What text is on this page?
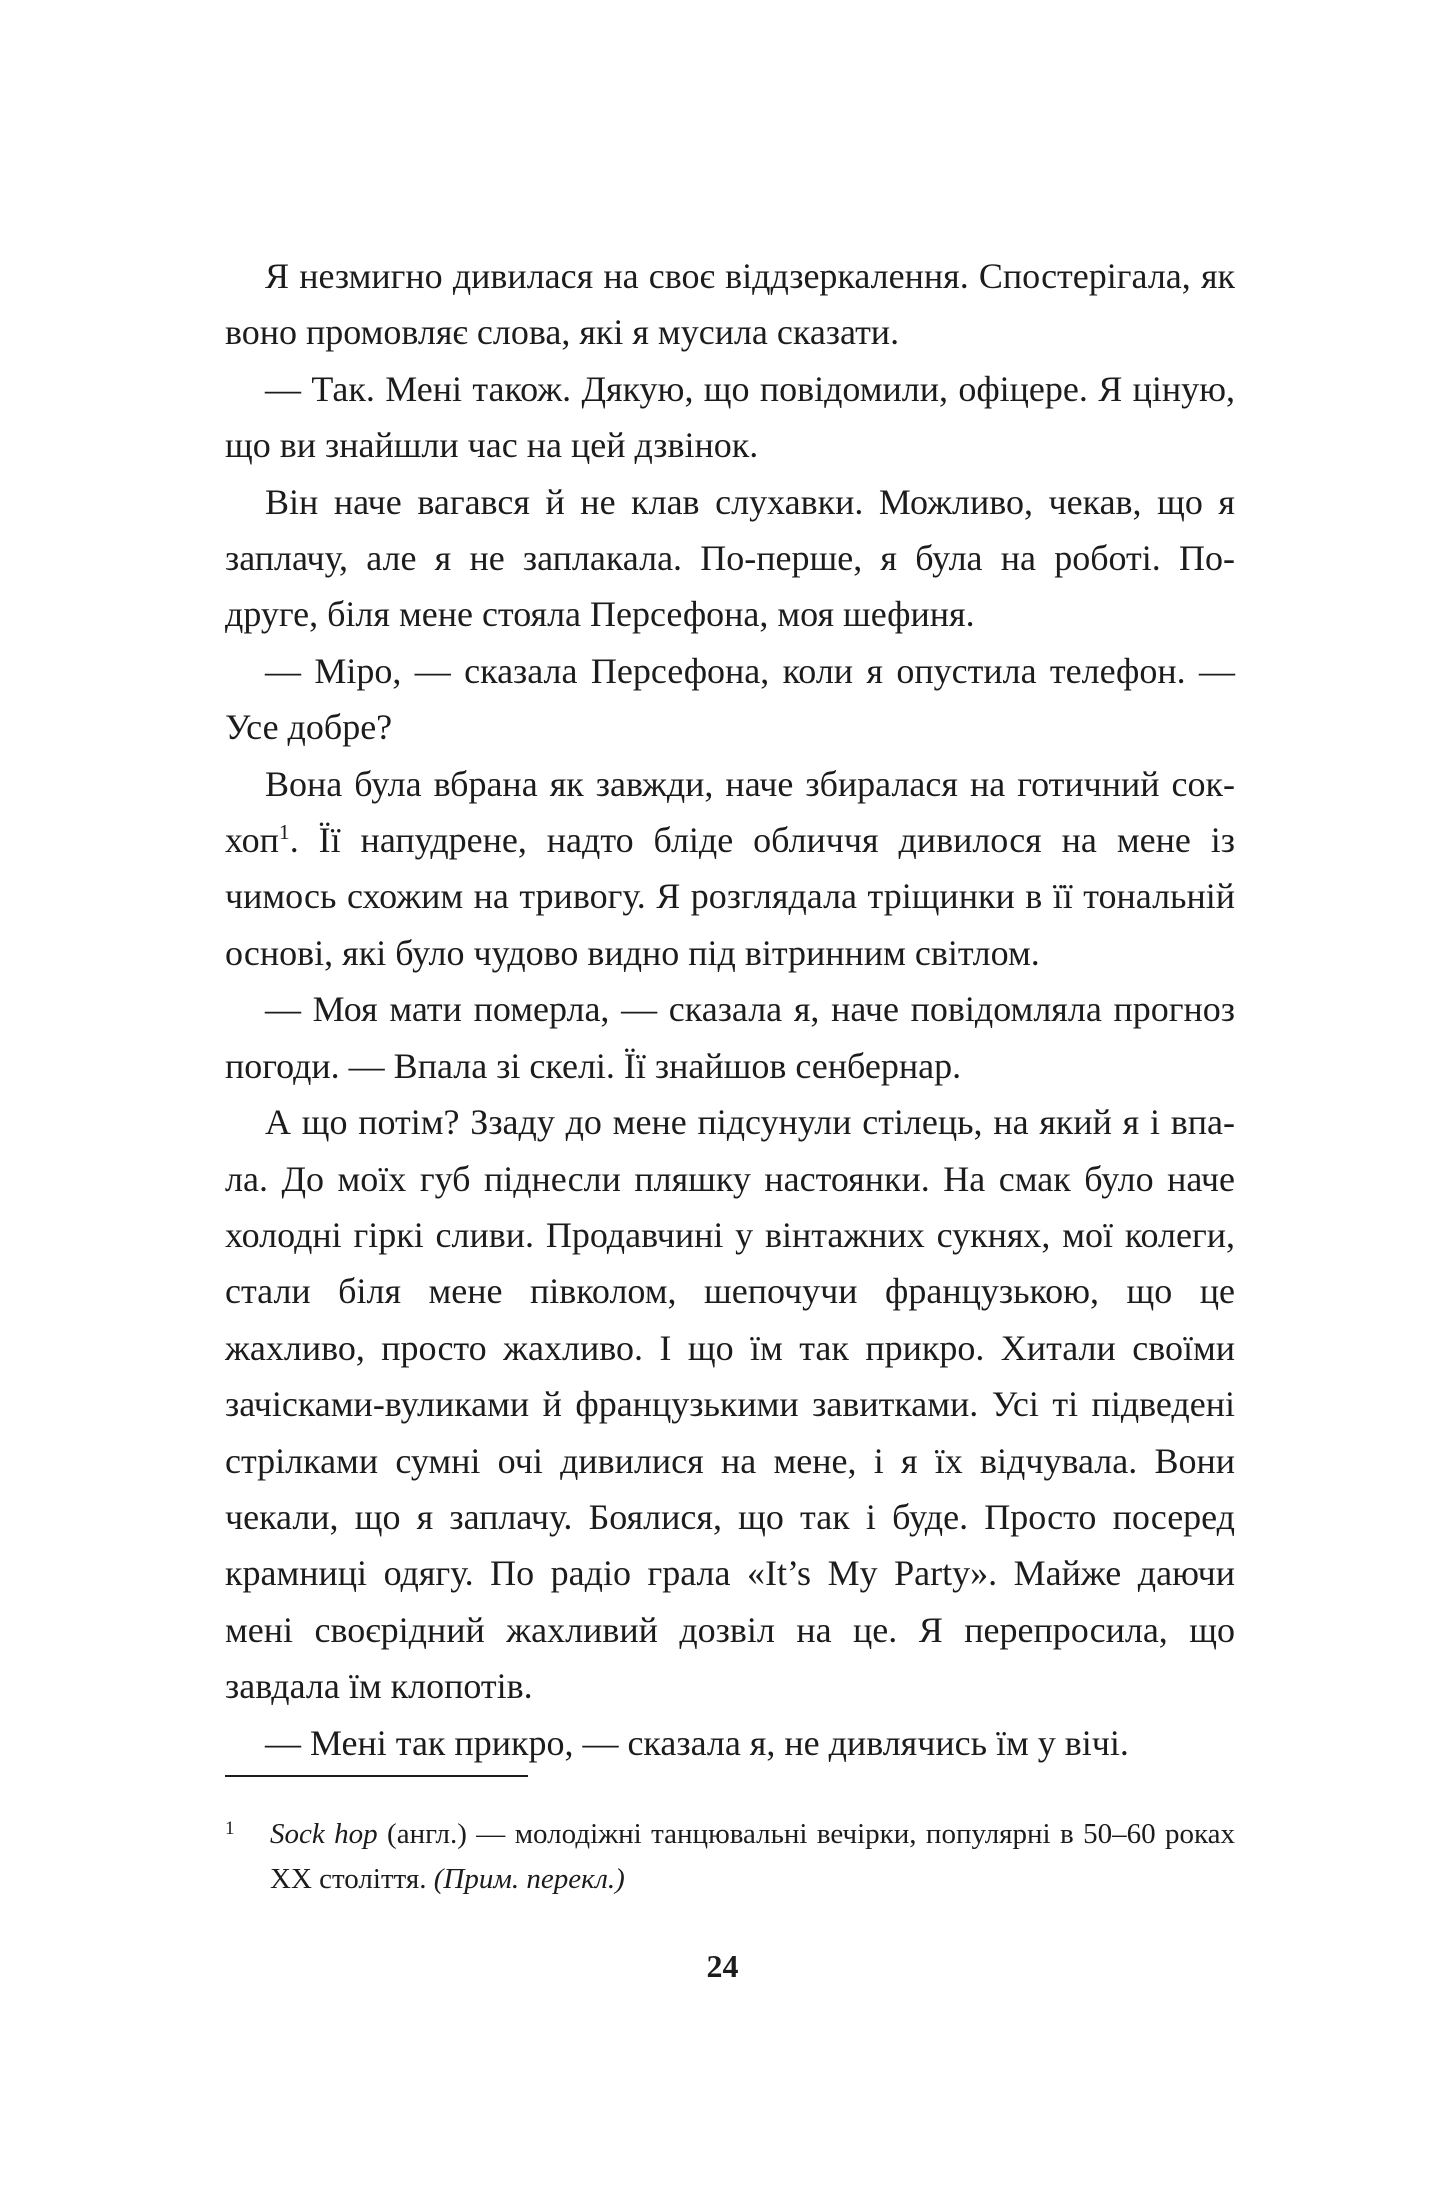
Я незмигно дивилася на своє віддзеркалення. Спостерігала, як воно промовляє слова, які я мусила сказати.

— Так. Мені також. Дякую, що повідомили, офіцере. Я ціную, що ви знайшли час на цей дзвінок.

Він наче вагався й не клав слухавки. Можливо, чекав, що я заплачу, але я не заплакала. По-перше, я була на роботі. По-друге, біля мене стояла Персефона, моя шефиня.

— Міро, — сказала Персефона, коли я опустила телефон. — Усе добре?

Вона була вбрана як завжди, наче збиралася на готичний сок-хоп$^1$. Її напудрене, надто бліде обличчя дивилося на мене із чимось схожим на тривогу. Я розглядала тріщинки в її тональній основі, які було чудово видно під вітринним світлом.

— Моя мати померла, — сказала я, наче повідомляла прогноз погоди. — Впала зі скелі. Її знайшов сенбернар.

А що потім? Ззаду до мене підсунули стілець, на який я і впала. До моїх губ піднесли пляшку настоянки. На смак було наче холодні гіркі сливи. Продавчині у вінтажних сукнях, мої колеги, стали біля мене півколом, шепочучи французькою, що це жахливо, просто жахливо. І що їм так прикро. Хитали своїми зачісками-вуликами й французькими завитками. Усі ті підведені стрілками сумні очі дивилися на мене, і я їх відчувала. Вони чекали, що я заплачу. Боялися, що так і буде. Просто посеред крамниці одягу. По радіо грала «It’s My Party». Майже даючи мені своєрідний жахливий дозвіл на це. Я перепросила, що завдала їм клопотів.

— Мені так прикро, — сказала я, не дивлячись їм у вічі.

1 Sock hop (англ.) — молодіжні танцювальні вечірки, популярні в 50–60 роках XX століття. (Прим. перекл.)
24
